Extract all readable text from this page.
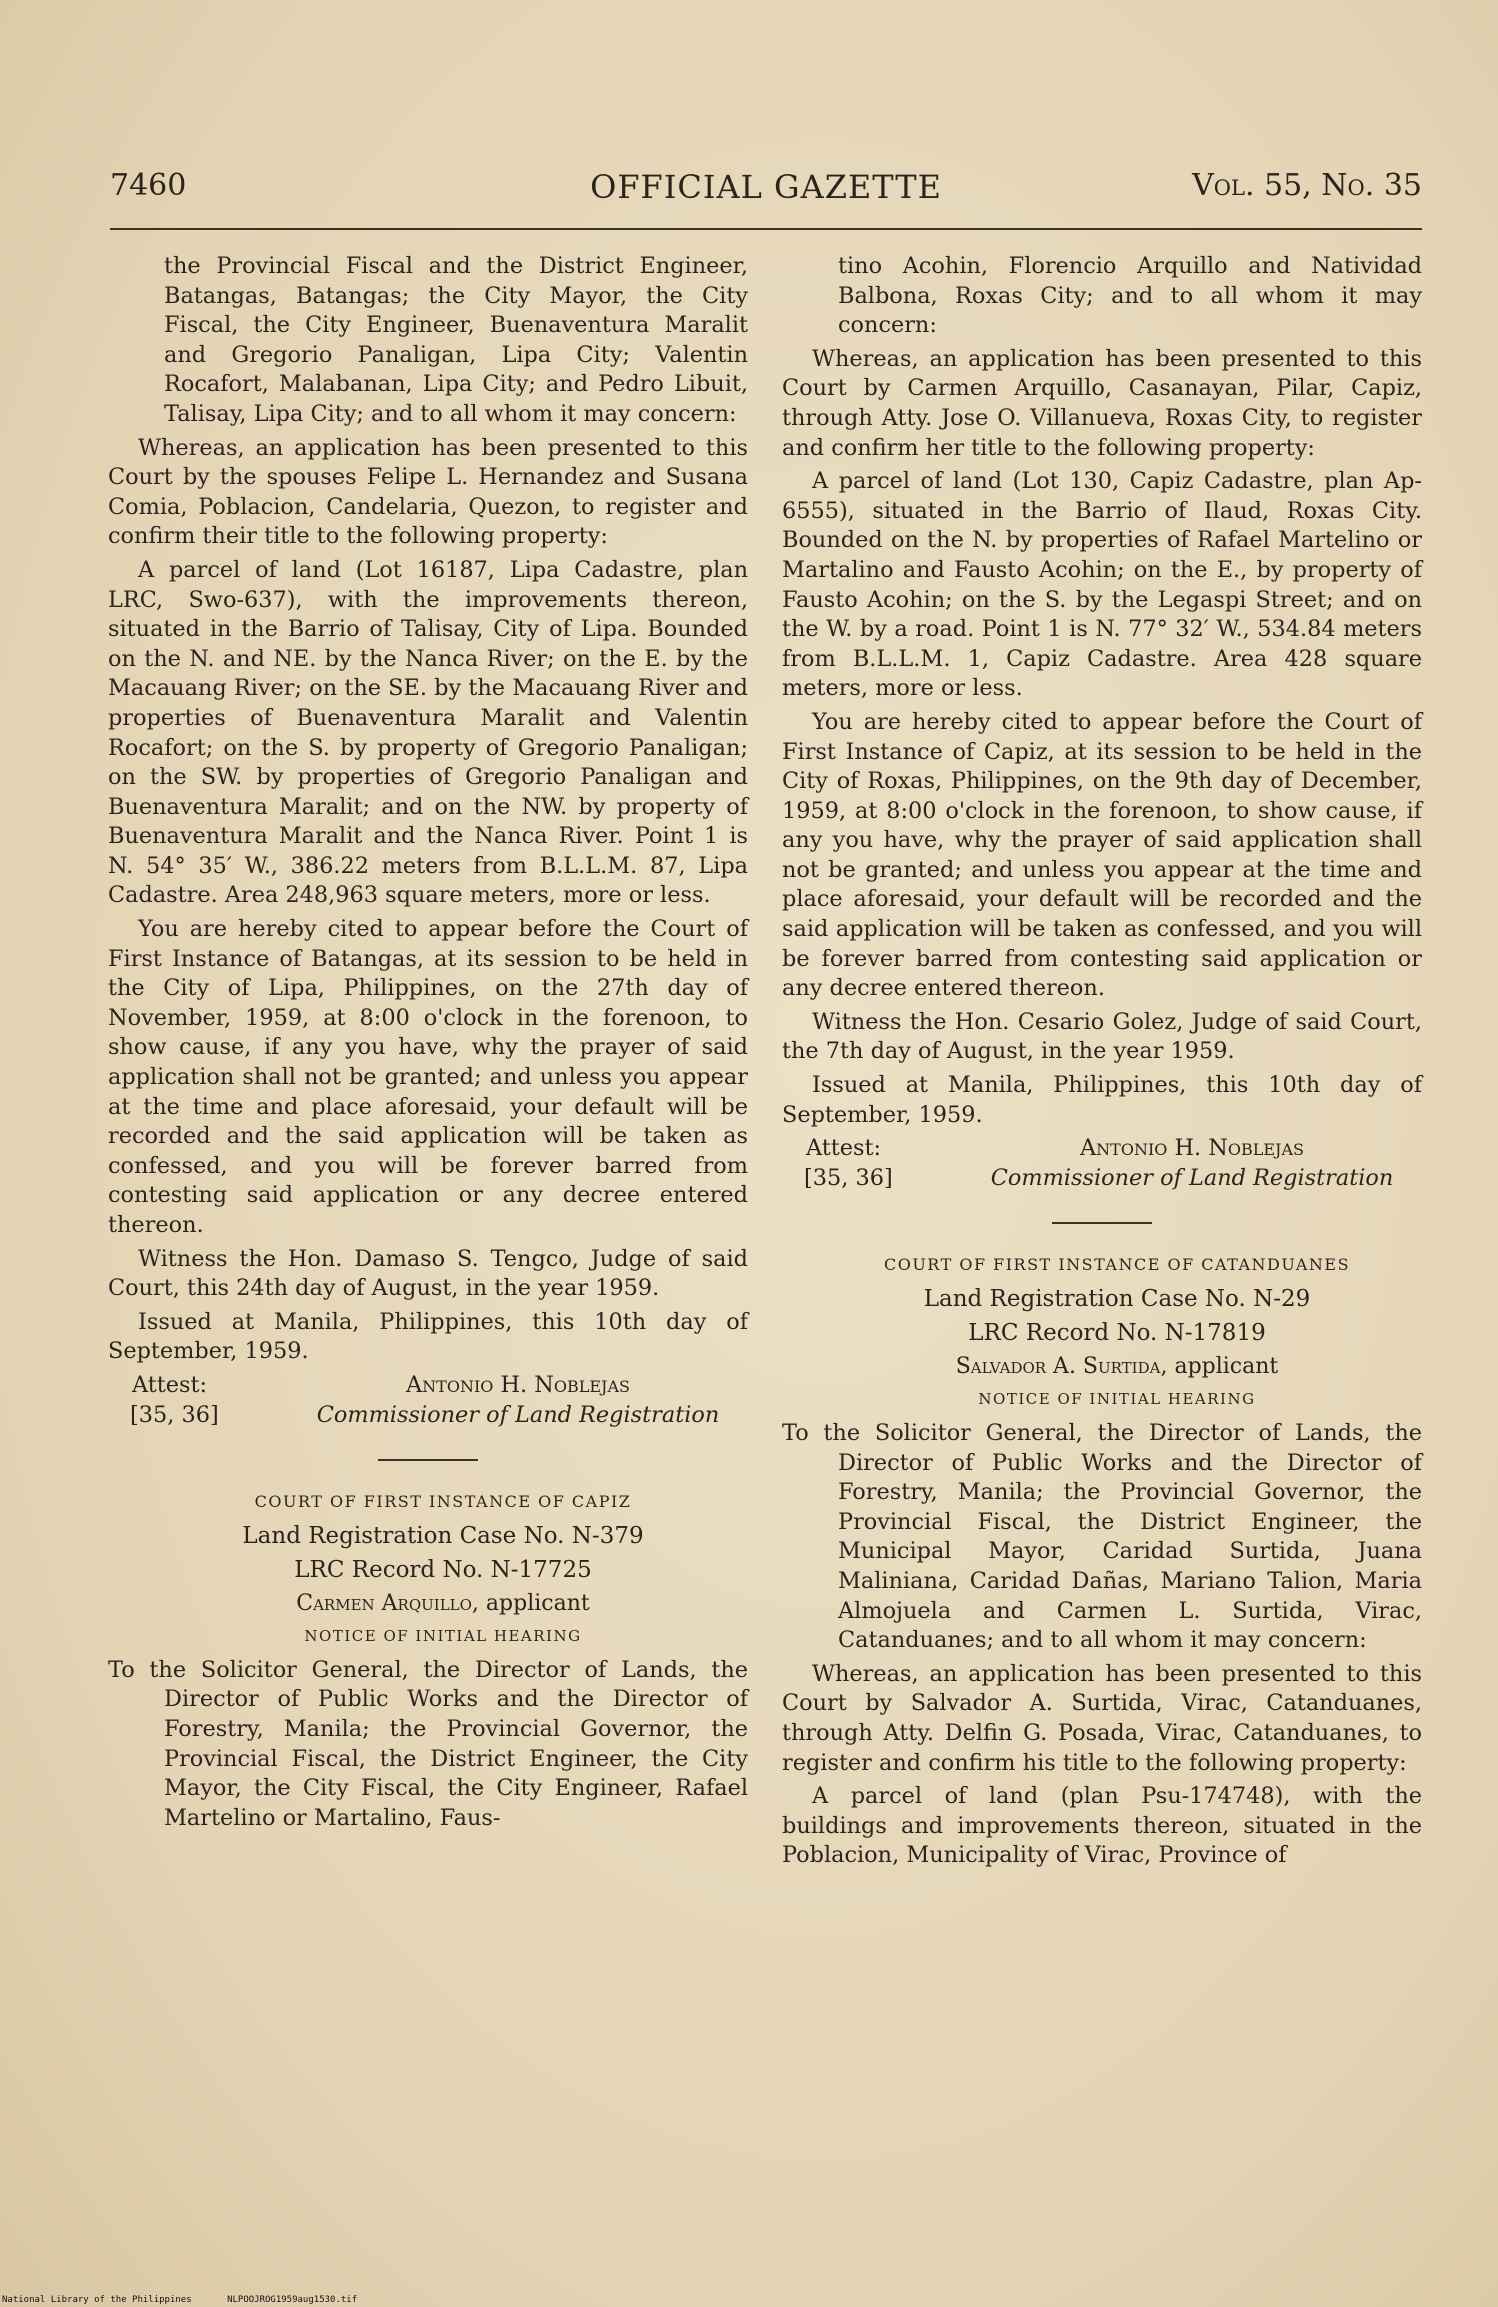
7460	OFFICIAL GAZETTE	Vol. 55, No. 35

the Provincial Fiscal and the District Engineer, Batangas, Batangas; the City Mayor, the City Fiscal, the City Engineer, Buenaventura Maralit and Gregorio Panaligan, Lipa City; Valentin Rocafort, Malabanan, Lipa City; and Pedro Libuit, Talisay, Lipa City; and to all whom it may concern:

Whereas, an application has been presented to this Court by the spouses Felipe L. Hernandez and Susana Comia, Poblacion, Candelaria, Quezon, to register and confirm their title to the following property:

A parcel of land (Lot 16187, Lipa Cadastre, plan LRC, Swo-637), with the improvements thereon, situated in the Barrio of Talisay, City of Lipa. Bounded on the N. and NE. by the Nanca River; on the E. by the Macauang River; on the SE. by the Macauang River and properties of Buenaventura Maralit and Valentin Rocafort; on the S. by property of Gregorio Panaligan; on the SW. by properties of Gregorio Panaligan and Buenaventura Maralit; and on the NW. by property of Buenaventura Maralit and the Nanca River. Point 1 is N. 54° 35′ W., 386.22 meters from B.L.L.M. 87, Lipa Cadastre. Area 248,963 square meters, more or less.

You are hereby cited to appear before the Court of First Instance of Batangas, at its session to be held in the City of Lipa, Philippines, on the 27th day of November, 1959, at 8:00 o'clock in the forenoon, to show cause, if any you have, why the prayer of said application shall not be granted; and unless you appear at the time and place aforesaid, your default will be recorded and the said application will be taken as confessed, and you will be forever barred from contesting said application or any decree entered thereon.

Witness the Hon. Damaso S. Tengco, Judge of said Court, this 24th day of August, in the year 1959.

Issued at Manila, Philippines, this 10th day of September, 1959.

Attest:
[35, 36]
Antonio H. Noblejas
Commissioner of Land Registration

COURT OF FIRST INSTANCE OF CAPIZ

Land Registration Case No. N-379

LRC Record No. N-17725

Carmen Arquillo, applicant

NOTICE OF INITIAL HEARING

To the Solicitor General, the Director of Lands, the Director of Public Works and the Director of Forestry, Manila; the Provincial Governor, the Provincial Fiscal, the District Engineer, the City Mayor, the City Fiscal, the City Engineer, Rafael Martelino or Martalino, Faus-

tino Acohin, Florencio Arquillo and Natividad Balbona, Roxas City; and to all whom it may concern:

Whereas, an application has been presented to this Court by Carmen Arquillo, Casanayan, Pilar, Capiz, through Atty. Jose O. Villanueva, Roxas City, to register and confirm her title to the following property:

A parcel of land (Lot 130, Capiz Cadastre, plan Ap-6555), situated in the Barrio of Ilaud, Roxas City. Bounded on the N. by properties of Rafael Martelino or Martalino and Fausto Acohin; on the E., by property of Fausto Acohin; on the S. by the Legaspi Street; and on the W. by a road. Point 1 is N. 77° 32′ W., 534.84 meters from B.L.L.M. 1, Capiz Cadastre. Area 428 square meters, more or less.

You are hereby cited to appear before the Court of First Instance of Capiz, at its session to be held in the City of Roxas, Philippines, on the 9th day of December, 1959, at 8:00 o'clock in the forenoon, to show cause, if any you have, why the prayer of said application shall not be granted; and unless you appear at the time and place aforesaid, your default will be recorded and the said application will be taken as confessed, and you will be forever barred from contesting said application or any decree entered thereon.

Witness the Hon. Cesario Golez, Judge of said Court, the 7th day of August, in the year 1959.

Issued at Manila, Philippines, this 10th day of September, 1959.

Attest:
[35, 36]
Antonio H. Noblejas
Commissioner of Land Registration

COURT OF FIRST INSTANCE OF CATANDUANES

Land Registration Case No. N-29

LRC Record No. N-17819

Salvador A. Surtida, applicant

NOTICE OF INITIAL HEARING

To the Solicitor General, the Director of Lands, the Director of Public Works and the Director of Forestry, Manila; the Provincial Governor, the Provincial Fiscal, the District Engineer, the Municipal Mayor, Caridad Surtida, Juana Maliniana, Caridad Dañas, Mariano Talion, Maria Almojuela and Carmen L. Surtida, Virac, Catanduanes; and to all whom it may concern:

Whereas, an application has been presented to this Court by Salvador A. Surtida, Virac, Catanduanes, through Atty. Delfin G. Posada, Virac, Catanduanes, to register and confirm his title to the following property:

A parcel of land (plan Psu-174748), with the buildings and improvements thereon, situated in the Poblacion, Municipality of Virac, Province of

National Library of the Philippines	NLPOOJROG1959aug1530.tif
